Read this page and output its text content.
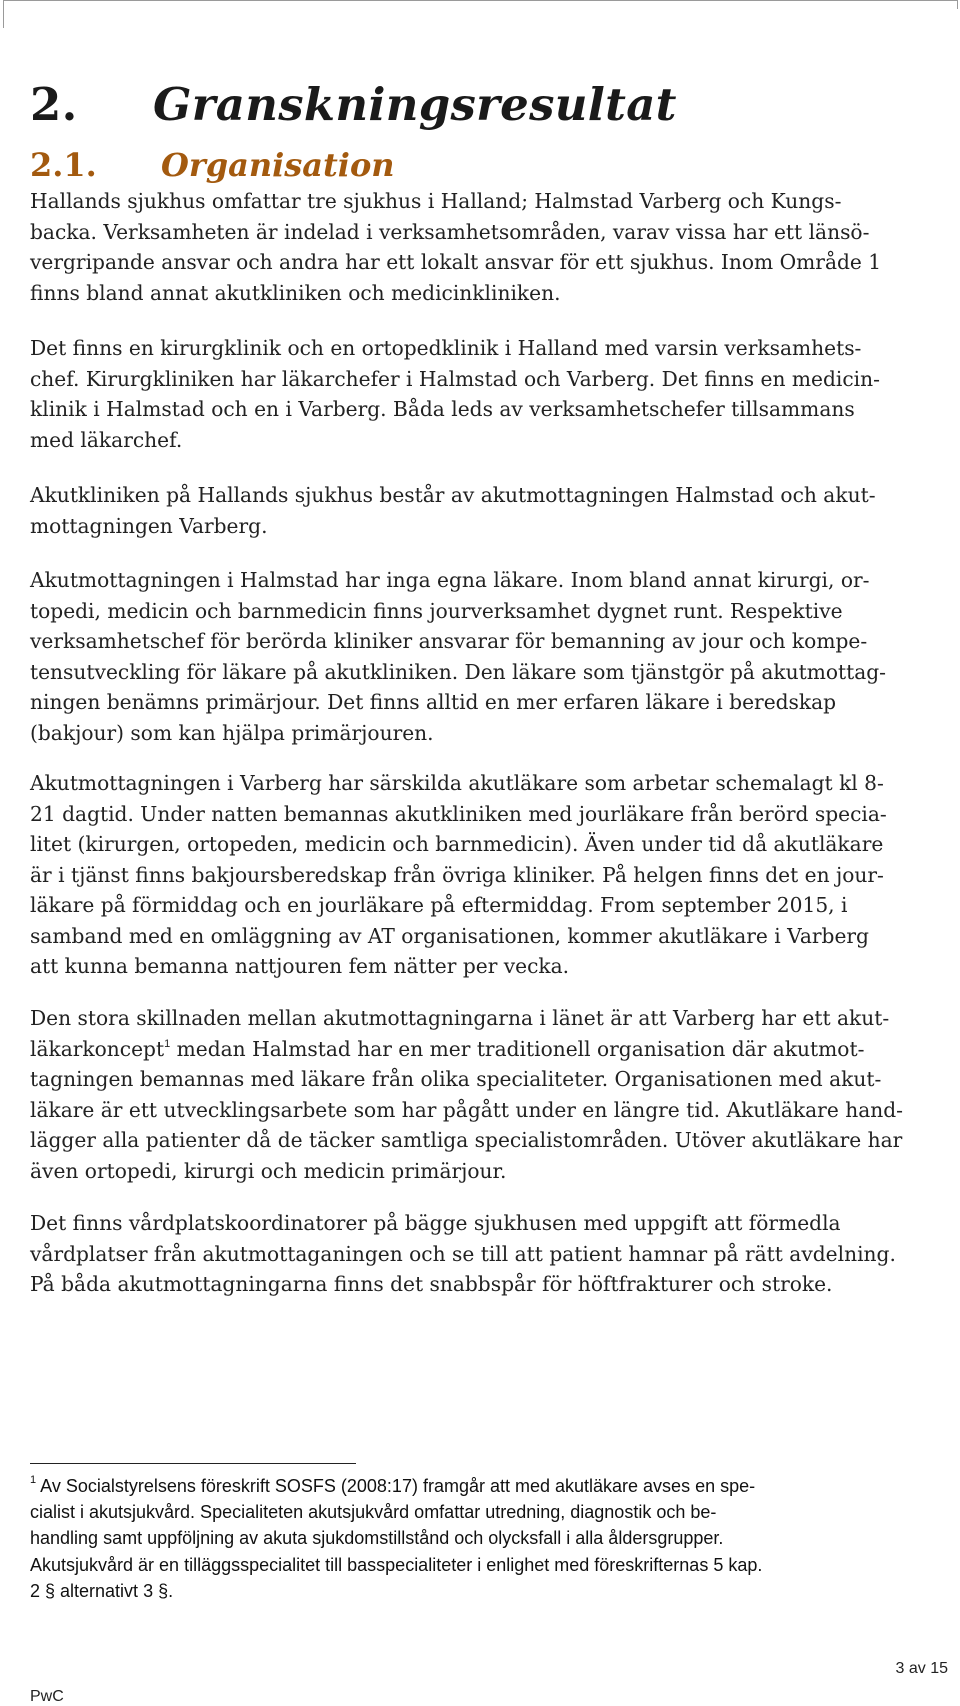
2. Granskningsresultat
2.1. Organisation

Hallands sjukhus omfattar tre sjukhus i Halland; Halmstad Varberg och Kungs-
backa. Verksamheten är indelad i verksamhetsområden, varav vissa har ett länsö-
vergripande ansvar och andra har ett lokalt ansvar för ett sjukhus. Inom Område 1
finns bland annat akutkliniken och medicinkliniken.

Det finns en kirurgklinik och en ortopedklinik i Halland med varsin verksamhets-
chef. Kirurgkliniken har läkarchefer i Halmstad och Varberg. Det finns en medicin-
klinik i Halmstad och en i Varberg. Båda leds av verksamhetschefer tillsammans
med läkarchef.

Akutkliniken på Hallands sjukhus består av akutmottagningen Halmstad och akut-
mottagningen Varberg.

Akutmottagningen i Halmstad har inga egna läkare. Inom bland annat kirurgi, or-
topedi, medicin och barnmedicin finns jourverksamhet dygnet runt. Respektive
verksamhetschef för berörda kliniker ansvarar för bemanning av jour och kompe-
tensutveckling för läkare på akutkliniken. Den läkare som tjänstgör på akutmottag-
ningen benämns primärjour. Det finns alltid en mer erfaren läkare i beredskap
(bakjour) som kan hjälpa primärjouren.

Akutmottagningen i Varberg har särskilda akutläkare som arbetar schemalagt kl 8-
21 dagtid. Under natten bemannas akutkliniken med jourläkare från berörd specia-
litet (kirurgen, ortopeden, medicin och barnmedicin). Även under tid då akutläkare
är i tjänst finns bakjoursberedskap från övriga kliniker. På helgen finns det en jour-
läkare på förmiddag och en jourläkare på eftermiddag. From september 2015, i
samband med en omläggning av AT organisationen, kommer akutläkare i Varberg
att kunna bemanna nattjouren fem nätter per vecka.

Den stora skillnaden mellan akutmottagningarna i länet är att Varberg har ett akut-
läkarkoncept$^1$ medan Halmstad har en mer traditionell organisation där akutmot-
tagningen bemannas med läkare från olika specialiteter. Organisationen med akut-
läkare är ett utvecklingsarbete som har pågått under en längre tid. Akutläkare hand-
lägger alla patienter då de täcker samtliga specialistområden. Utöver akutläkare har
även ortopedi, kirurgi och medicin primärjour.

Det finns vårdplatskoordinatorer på bägge sjukhusen med uppgift att förmedla
vårdplatser från akutmottaganingen och se till att patient hamnar på rätt avdelning.
På båda akutmottagningarna finns det snabbspår för höftfrakturer och stroke.

$^1$ Av Socialstyrelsens föreskrift SOSFS (2008:17) framgår att med akutläkare avses en spe-
cialist i akutsjukvård. Specialiteten akutsjukvård omfattar utredning, diagnostik och be-
handling samt uppföljning av akuta sjukdomstillstånd och olycksfall i alla åldersgrupper.
Akutsjukvård är en tilläggsspecialitet till basspecialiteter i enlighet med föreskrifternas 5 kap.
2 § alternativt 3 §.
3 av 15
PwC
